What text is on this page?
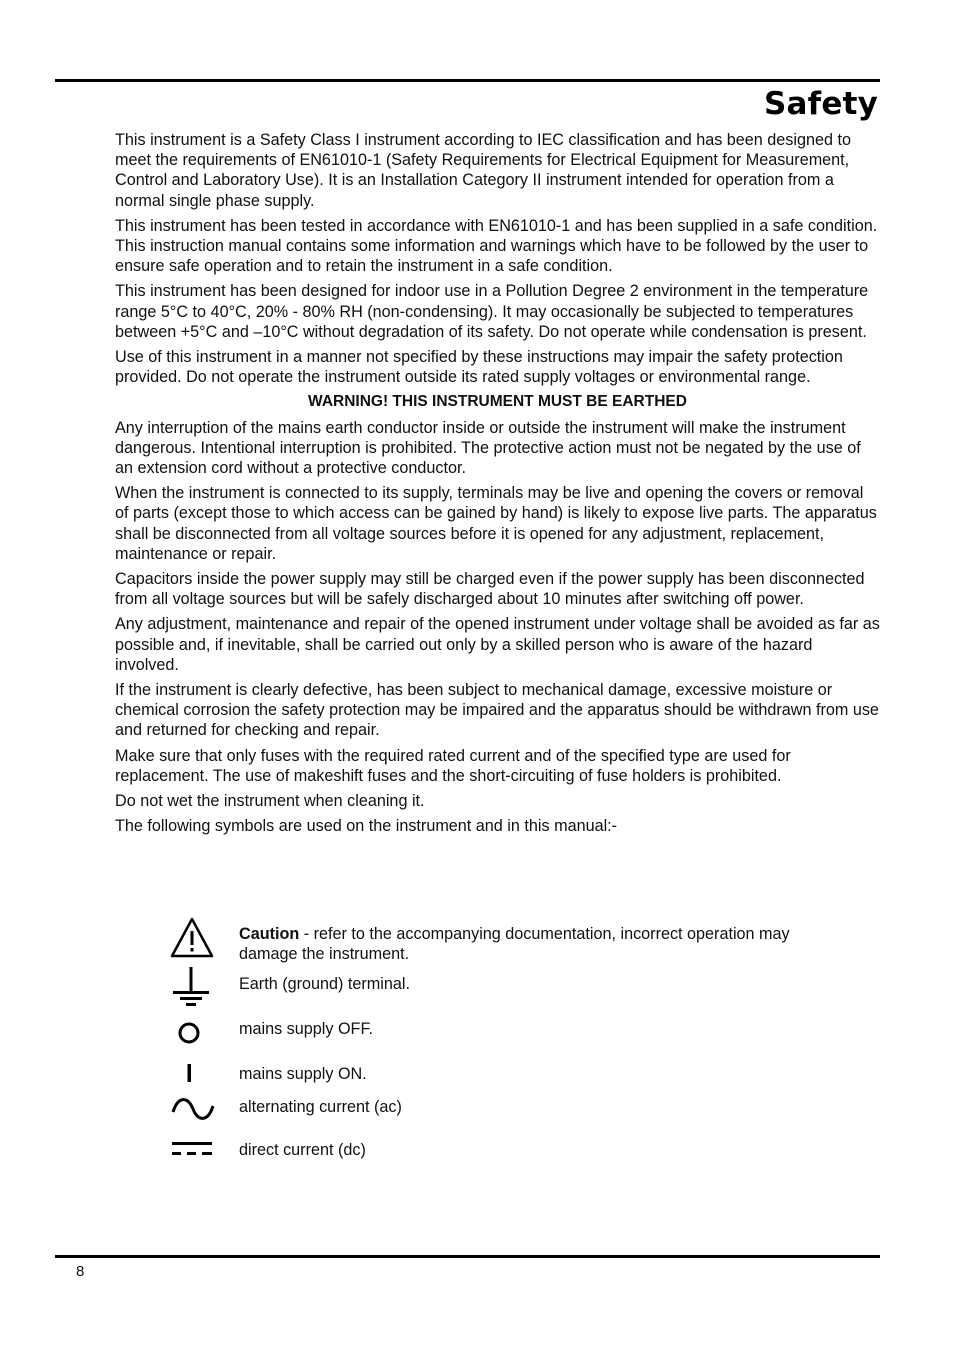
Safety

This instrument is a Safety Class I instrument according to IEC classification and has been designed to meet the requirements of EN61010-1 (Safety Requirements for Electrical Equipment for Measurement, Control and Laboratory Use). It is an Installation Category II instrument intended for operation from a normal single phase supply.

This instrument has been tested in accordance with EN61010-1 and has been supplied in a safe condition. This instruction manual contains some information and warnings which have to be followed by the user to ensure safe operation and to retain the instrument in a safe condition.

This instrument has been designed for indoor use in a Pollution Degree 2 environment in the temperature range 5°C to 40°C, 20% - 80% RH (non-condensing). It may occasionally be subjected to temperatures between +5°C and –10°C without degradation of its safety. Do not operate while condensation is present.

Use of this instrument in a manner not specified by these instructions may impair the safety protection provided. Do not operate the instrument outside its rated supply voltages or environmental range.

WARNING! THIS INSTRUMENT MUST BE EARTHED

Any interruption of the mains earth conductor inside or outside the instrument will make the instrument dangerous. Intentional interruption is prohibited. The protective action must not be negated by the use of an extension cord without a protective conductor.

When the instrument is connected to its supply, terminals may be live and opening the covers or removal of parts (except those to which access can be gained by hand) is likely to expose live parts. The apparatus shall be disconnected from all voltage sources before it is opened for any adjustment, replacement, maintenance or repair.

Capacitors inside the power supply may still be charged even if the power supply has been disconnected from all voltage sources but will be safely discharged about 10 minutes after switching off power.

Any adjustment, maintenance and repair of the opened instrument under voltage shall be avoided as far as possible and, if inevitable, shall be carried out only by a skilled person who is aware of the hazard involved.

If the instrument is clearly defective, has been subject to mechanical damage, excessive moisture or chemical corrosion the safety protection may be impaired and the apparatus should be withdrawn from use and returned for checking and repair.

Make sure that only fuses with the required rated current and of the specified type are used for replacement. The use of makeshift fuses and the short-circuiting of fuse holders is prohibited.

Do not wet the instrument when cleaning it.

The following symbols are used on the instrument and in this manual:-

Caution - refer to the accompanying documentation, incorrect operation may damage the instrument.
Earth (ground) terminal.
mains supply OFF.
mains supply ON.
alternating current (ac)
direct current (dc)
8
